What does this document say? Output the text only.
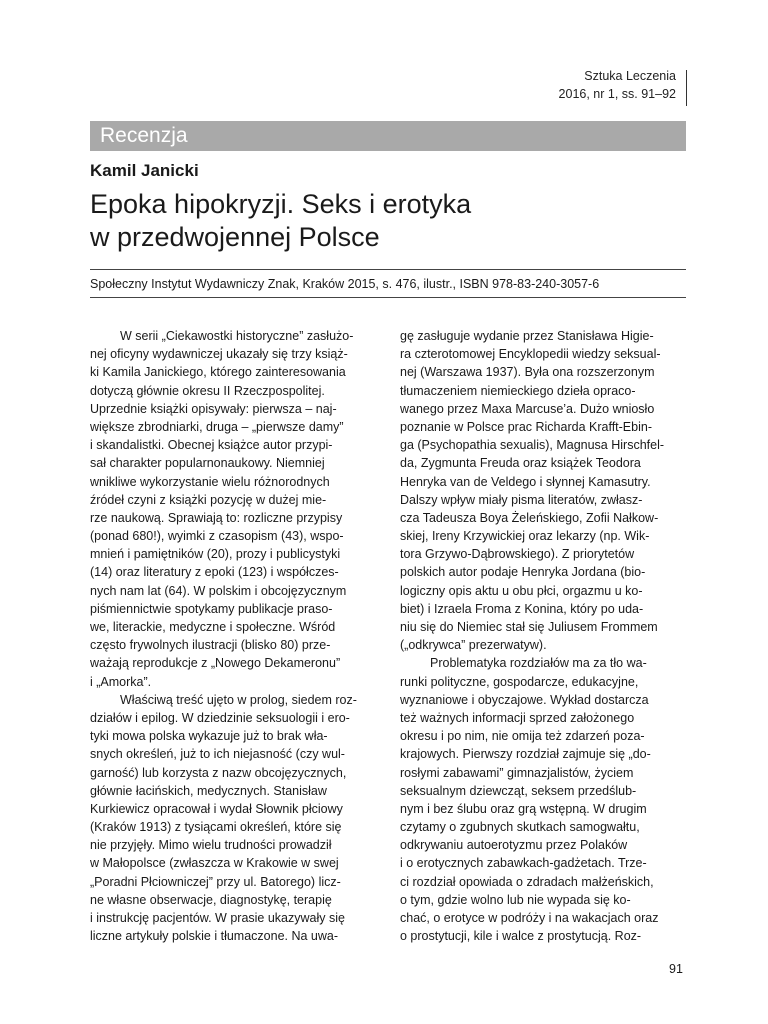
Sztuka Leczenia
2016, nr 1, ss. 91–92
Recenzja
Kamil Janicki
Epoka hipokryzji. Seks i erotyka
w przedwojennej Polsce
Społeczny Instytut Wydawniczy Znak, Kraków 2015, s. 476, ilustr., ISBN 978-83-240-3057-6
W serii „Ciekawostki historyczne” zasłużo-
nej oficyny wydawniczej ukazały się trzy książ-
ki Kamila Janickiego, którego zainteresowania
dotyczą głównie okresu II Rzeczpospolitej.
Uprzednie książki opisywały: pierwsza – naj-
większe zbrodniarki, druga – „pierwsze damy”
i skandalistki. Obecnej książce autor przypi-
sał charakter popularnonaukowy. Niemniej
wnikliwe wykorzystanie wielu różnorodnych
źródeł czyni z książki pozycję w dużej mie-
rze naukową. Sprawiają to: rozliczne przypisy
(ponad 680!), wyimki z czasopism (43), wspo-
mnień i pamiętników (20), prozy i publicystyki
(14) oraz literatury z epoki (123) i współczes-
nych nam lat (64). W polskim i obcojęzycznym
piśmiennictwie spotykamy publikacje praso-
we, literackie, medyczne i społeczne. Wśród
często frywolnych ilustracji (blisko 80) prze-
ważają reprodukcje z „Nowego Dekameronu”
i „Amorka”.
Właściwą treść ujęto w prolog, siedem roz-
działów i epilog. W dziedzinie seksuologii i ero-
tyki mowa polska wykazuje już to brak wła-
snych określeń, już to ich niejasność (czy wul-
garność) lub korzysta z nazw obcojęzycznych,
głównie łacińskich, medycznych. Stanisław
Kurkiewicz opracował i wydał Słownik płciowy
(Kraków 1913) z tysiącami określeń, które się
nie przyjęły. Mimo wielu trudności prowadził
w Małopolsce (zwłaszcza w Krakowie w swej
„Poradni Płciowniczej” przy ul. Batorego) licz-
ne własne obserwacje, diagnostykę, terapię
i instrukcję pacjentów. W prasie ukazywały się
liczne artykuły polskie i tłumaczone. Na uwa-
gę zasługuje wydanie przez Stanisława Higie-
ra czterotomowej Encyklopedii wiedzy seksual-
nej (Warszawa 1937). Była ona rozszerzonym
tłumaczeniem niemieckiego dzieła opraco-
wanego przez Maxa Marcuse’a. Dużo wniosło
poznanie w Polsce prac Richarda Krafft-Ebin-
ga (Psychopathia sexualis), Magnusa Hirschfel-
da, Zygmunta Freuda oraz książek Teodora
Henryka van de Veldego i słynnej Kamasutry.
Dalszy wpływ miały pisma literatów, zwłasz-
cza Tadeusza Boya Żeleńskiego, Zofii Nałkow-
skiej, Ireny Krzywickiej oraz lekarzy (np. Wik-
tora Grzywo-Dąbrowskiego). Z priorytetów
polskich autor podaje Henryka Jordana (bio-
logiczny opis aktu u obu płci, orgazmu u ko-
biet) i Izraela Froma z Konina, który po uda-
niu się do Niemiec stał się Juliusem Frommem
(„odkrywca” prezerwatyw).
Problematyka rozdziałów ma za tło wa-
runki polityczne, gospodarcze, edukacyjne,
wyznaniowe i obyczajowe. Wykład dostarcza
też ważnych informacji sprzed założonego
okresu i po nim, nie omija też zdarzeń poza-
krajowych. Pierwszy rozdział zajmuje się „do-
rosłymi zabawami” gimnazjalistów, życiem
seksualnym dziewcząt, seksem przedślub-
nym i bez ślubu oraz grą wstępną. W drugim
czytamy o zgubnych skutkach samogwałtu,
odkrywaniu autoerotyzmu przez Polaków
i o erotycznych zabawkach-gadżetach. Trze-
ci rozdział opowiada o zdradach małżeńskich,
o tym, gdzie wolno lub nie wypada się ko-
chać, o erotyce w podróży i na wakacjach oraz
o prostytucji, kile i walce z prostytucją. Roz-
91
